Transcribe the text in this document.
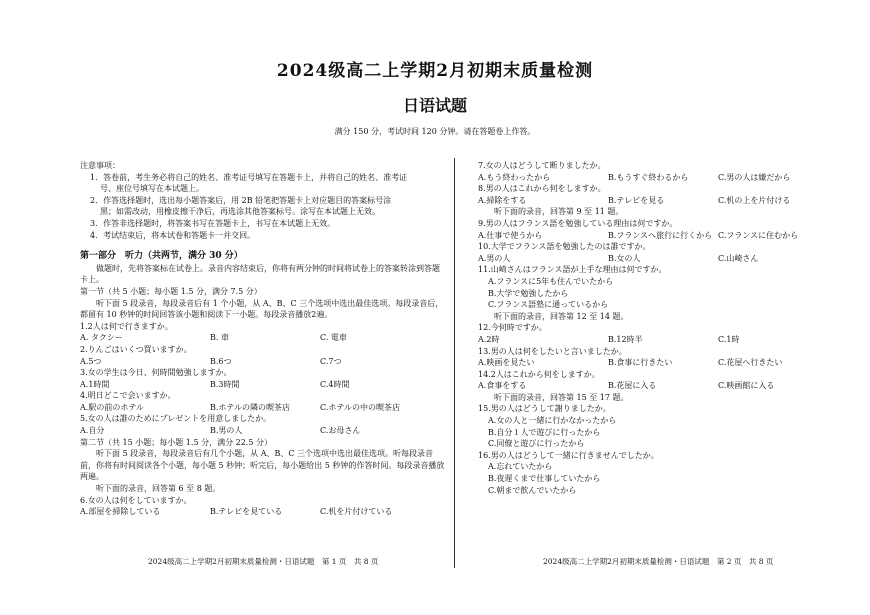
2024级高二上学期2月初期末质量检测
日语试题
满分 150 分，考试时间 120 分钟。请在答题卷上作答。
注意事项：
1．答卷前，考生务必将自己的姓名、准考证号填写在答题卡上，并将自己的姓名、准考证
号、座位号填写在本试题上。
2．作答选择题时，选出每小题答案后，用 2B 铅笔把答题卡上对应题目的答案标号涂
黑；如需改动，用橡皮擦干净后，再选涂其他答案标号。涂写在本试题上无效。
3．作答非选择题时，将答案书写在答题卡上，书写在本试题上无效。
4．考试结束后，将本试卷和答题卡一并交回。
第一部分　听力（共两节，满分 30 分）
做题时，先将答案标在试卷上。录音内容结束后，你将有两分钟的时间将试卷上的答案转涂到答题卡上。
第一节（共 5 小题；每小题 1.5 分，满分 7.5 分）
听下面 5 段录音，每段录音后有 1 个小题，从 A、B、C 三个选项中选出最佳选项。每段录音后，都留有 10 秒钟的时间回答该小题和阅读下一小题。每段录音播放2遍。
1.2人は何で行きますか。
A. タクシー	B. 車	C. 電車
2.りんごはいくつ買いますか。
A.5つ	B.6つ	C.7つ
3.女の学生は今日、何時間勉強しますか。
A.1時間	B.3時間	C.4時間
4.明日どこで会いますか。
A.駅の前のホテル	B.ホテルの隣の喫茶店	C.ホテルの中の喫茶店
5.女の人は誰のためにプレゼントを用意しましたか。
A.自分	B.男の人	C.お母さん
第二节（共 15 小题；每小题 1.5 分，满分 22.5 分）
听下面 5 段录音，每段录音后有几个小题，从 A、B、C 三个选项中选出最佳选项。听每段录音前，你将有时间阅读各个小题，每小题 5 秒钟；听完后，每小题给出 5 秒钟的作答时间。每段录音播放两遍。
听下面的录音，回答第 6 至 8 题。
6.女の人は何をしていますか。
A.部屋を掃除している	B.テレビを見ている	C.机を片付けている
7.女の人はどうして断りましたか。
A.もう終わったから	B.もうすぐ終わるから	C.男の人は嫌だから
8.男の人はこれから何をしますか。
A.掃除をする	B.テレビを見る	C.机の上を片付ける
听下面的录音，回答第 9 至 11 题。
9.男の人はフランス語を勉強している理由は何ですか。
A.仕事で使うから	B.フランスへ旅行に行くから C.フランスに住むから
10.大学でフランス語を勉強したのは誰ですか。
A.男の人	B.女の人	C.山崎さん
11.山崎さんはフランス語が上手な理由は何ですか。
A.フランスに5年も住んでいたから
B.大学で勉強したから
C.フランス語塾に通っているから
听下面的录音，回答第 12 至 14 题。
12.今何時ですか。
A.2時	B.12時半	C.1時
13.男の人は何をしたいと言いましたか。
A.映画を見たい	B.食事に行きたい	C.花屋へ行きたい
14.2人はこれから何をしますか。
A.食事をする	B.花屋に入る	C.映画館に入る
听下面的录音，回答第 15 至 17 题。
15.男の人はどうして謝りましたか。
A.女の人と一緒に行かなかったから
B.自分１人で遊びに行ったから
C.同僚と遊びに行ったから
16.男の人はどうして一緒に行きませんでしたか。
A.忘れていたから
B.夜遅くまで仕事していたから
C.朝まで飲んでいたから
2024级高二上学期2月初期末质量检测・日语试题　第 1 页　共 8 页	2024级高二上学期2月初期末质量检测・日语试题　第 2 页　共 8 页
